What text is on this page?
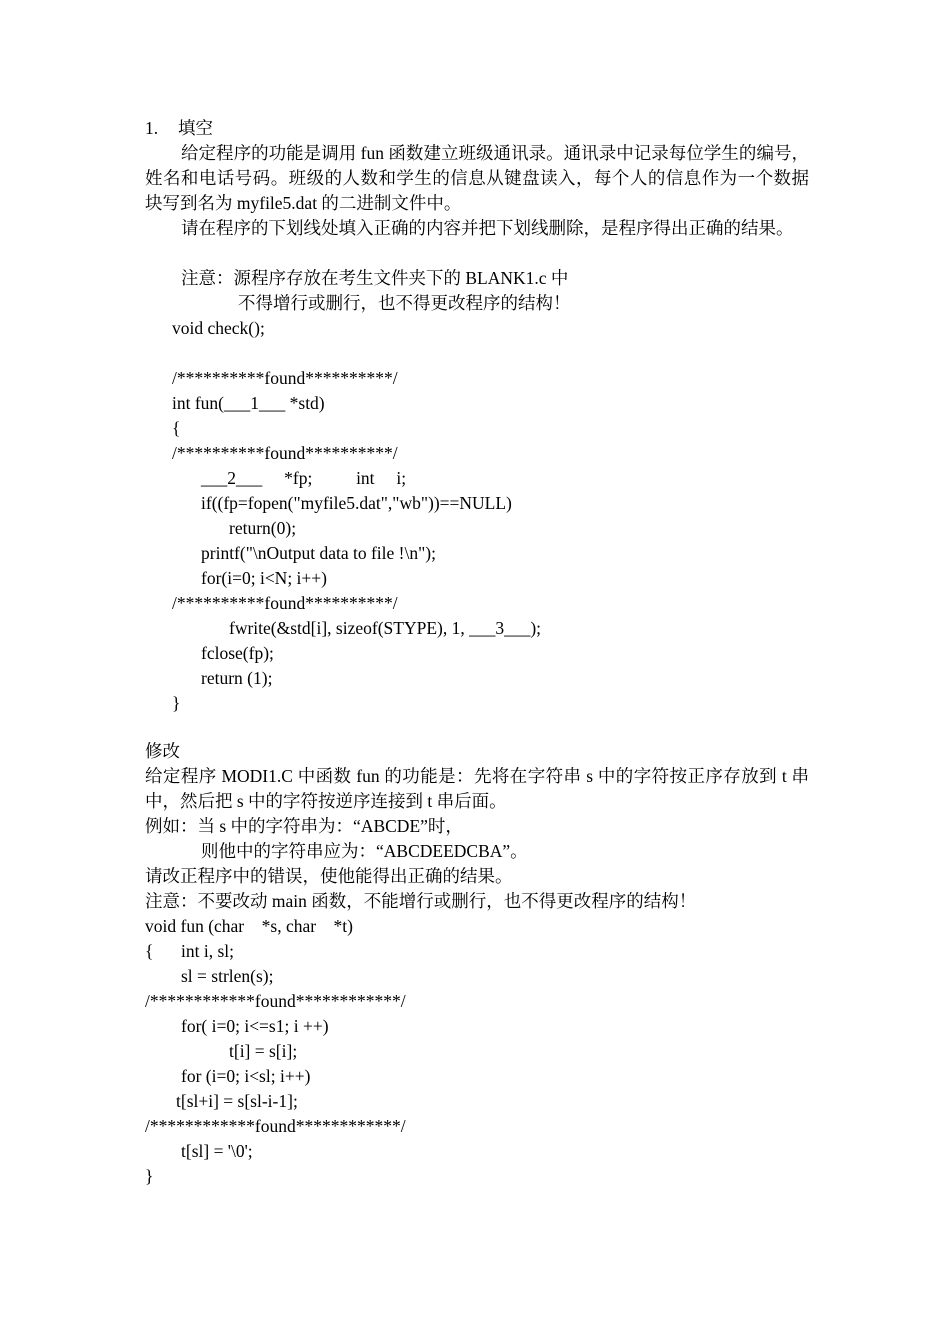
1. 填空

给定程序的功能是调用 fun 函数建立班级通讯录。通讯录中记录每位学生的编号，姓名和电话号码。班级的人数和学生的信息从键盘读入，每个人的信息作为一个数据块写到名为 myfile5.dat 的二进制文件中。

请在程序的下划线处填入正确的内容并把下划线删除，是程序得出正确的结果。

注意：源程序存放在考生文件夹下的 BLANK1.c 中
不得增行或删行，也不得更改程序的结构！
void check();
/**********found**********/
int fun(___1___ *std)
{
/**********found**********/
___2___     *fp;          int     i;
if((fp=fopen("myfile5.dat","wb"))==NULL)
return(0);
printf("\nOutput data to file !\n");
for(i=0; i<N; i++)
/**********found**********/
fwrite(&std[i], sizeof(STYPE), 1, ___3___);
fclose(fp);
return (1);
}
修改

给定程序 MODI1.C 中函数 fun 的功能是：先将在字符串 s 中的字符按正序存放到 t 串中，然后把 s 中的字符按逆序连接到 t 串后面。

例如：当 s 中的字符串为：“ABCDE”时，
则他中的字符串应为：“ABCDEEDCBA”。
请改正程序中的错误，使他能得出正确的结果。
注意：不要改动 main 函数，不能增行或删行，也不得更改程序的结构！
void fun (char    *s, char    *t)
{ int i, sl;
sl = strlen(s);
/************found************/
for( i=0; i<=s1; i ++)
t[i] = s[i];
for (i=0; i<sl; i++)
t[sl+i] = s[sl-i-1];
/************found************/
t[sl] = '\0';
}
